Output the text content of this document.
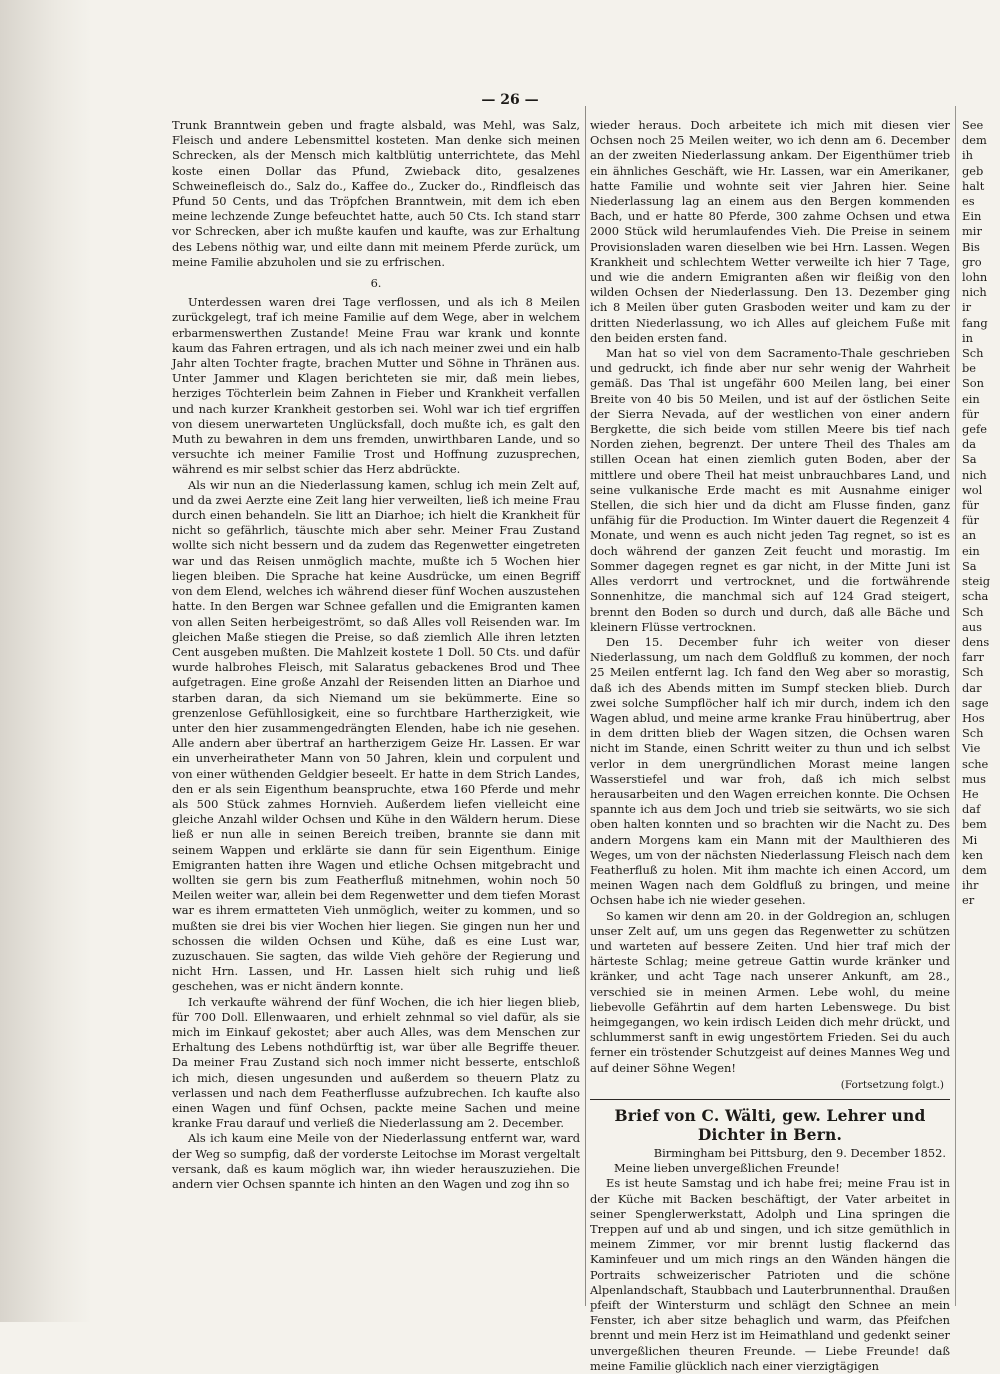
— 26 —

Trunk Branntwein geben und fragte alsbald, was Mehl, was Salz, Fleisch und andere Lebensmittel kosteten. Man denke sich meinen Schrecken, als der Mensch mich kaltblütig unterrichtete, das Mehl koste einen Dollar das Pfund, Zwieback dito, gesalzenes Schweinefleisch do., Salz do., Kaffee do., Zucker do., Rindfleisch das Pfund 50 Cents, und das Tröpfchen Branntwein, mit dem ich eben meine lechzende Zunge befeuchtet hatte, auch 50 Cts. Ich stand starr vor Schrecken, aber ich mußte kaufen und kaufte, was zur Erhaltung des Lebens nöthig war, und eilte dann mit meinem Pferde zurück, um meine Familie abzuholen und sie zu erfrischen.

6.

Unterdessen waren drei Tage verflossen, und als ich 8 Meilen zurückgelegt, traf ich meine Familie auf dem Wege, aber in welchem erbarmenswerthen Zustande! Meine Frau war krank und konnte kaum das Fahren ertragen, und als ich nach meiner zwei und ein halb Jahr alten Tochter fragte, brachen Mutter und Söhne in Thränen aus. Unter Jammer und Klagen berichteten sie mir, daß mein liebes, herziges Töchterlein beim Zahnen in Fieber und Krankheit verfallen und nach kurzer Krankheit gestorben sei. Wohl war ich tief ergriffen von diesem unerwarteten Unglücksfall, doch mußte ich, es galt den Muth zu bewahren in dem uns fremden, unwirthbaren Lande, und so versuchte ich meiner Familie Trost und Hoffnung zuzusprechen, während es mir selbst schier das Herz abdrückte.

Als wir nun an die Niederlassung kamen, schlug ich mein Zelt auf, und da zwei Aerzte eine Zeit lang hier verweilten, ließ ich meine Frau durch einen behandeln. Sie litt an Diarhoe; ich hielt die Krankheit für nicht so gefährlich, täuschte mich aber sehr. Meiner Frau Zustand wollte sich nicht bessern und da zudem das Regenwetter eingetreten war und das Reisen unmöglich machte, mußte ich 5 Wochen hier liegen bleiben. Die Sprache hat keine Ausdrücke, um einen Begriff von dem Elend, welches ich während dieser fünf Wochen auszustehen hatte. In den Bergen war Schnee gefallen und die Emigranten kamen von allen Seiten herbeigeströmt, so daß Alles voll Reisenden war. Im gleichen Maße stiegen die Preise, so daß ziemlich Alle ihren letzten Cent ausgeben mußten. Die Mahlzeit kostete 1 Doll. 50 Cts. und dafür wurde halbrohes Fleisch, mit Salaratus gebackenes Brod und Thee aufgetragen. Eine große Anzahl der Reisenden litten an Diarhoe und starben daran, da sich Niemand um sie bekümmerte. Eine so grenzenlose Gefühllosigkeit, eine so furchtbare Hartherzigkeit, wie unter den hier zusammengedrängten Elenden, habe ich nie gesehen. Alle andern aber übertraf an hartherzigem Geize Hr. Lassen. Er war ein unverheiratheter Mann von 50 Jahren, klein und corpulent und von einer wüthenden Geldgier beseelt. Er hatte in dem Strich Landes, den er als sein Eigenthum beanspruchte, etwa 160 Pferde und mehr als 500 Stück zahmes Hornvieh. Außerdem liefen vielleicht eine gleiche Anzahl wilder Ochsen und Kühe in den Wäldern herum. Diese ließ er nun alle in seinen Bereich treiben, brannte sie dann mit seinem Wappen und erklärte sie dann für sein Eigenthum. Einige Emigranten hatten ihre Wagen und etliche Ochsen mitgebracht und wollten sie gern bis zum Featherfluß mitnehmen, wohin noch 50 Meilen weiter war, allein bei dem Regenwetter und dem tiefen Morast war es ihrem ermatteten Vieh unmöglich, weiter zu kommen, und so mußten sie drei bis vier Wochen hier liegen. Sie gingen nun her und schossen die wilden Ochsen und Kühe, daß es eine Lust war, zuzuschauen. Sie sagten, das wilde Vieh gehöre der Regierung und nicht Hrn. Lassen, und Hr. Lassen hielt sich ruhig und ließ geschehen, was er nicht ändern konnte.

Ich verkaufte während der fünf Wochen, die ich hier liegen blieb, für 700 Doll. Ellenwaaren, und erhielt zehnmal so viel dafür, als sie mich im Einkauf gekostet; aber auch Alles, was dem Menschen zur Erhaltung des Lebens nothdürftig ist, war über alle Begriffe theuer. Da meiner Frau Zustand sich noch immer nicht besserte, entschloß ich mich, diesen ungesunden und außerdem so theuern Platz zu verlassen und nach dem Featherflusse aufzubrechen. Ich kaufte also einen Wagen und fünf Ochsen, packte meine Sachen und meine kranke Frau darauf und verließ die Niederlassung am 2. December.

Als ich kaum eine Meile von der Niederlassung entfernt war, ward der Weg so sumpfig, daß der vorderste Leitochse im Morast vergeltalt versank, daß es kaum möglich war, ihn wieder herauszuziehen. Die andern vier Ochsen spannte ich hinten an den Wagen und zog ihn so

wieder heraus. Doch arbeitete ich mich mit diesen vier Ochsen noch 25 Meilen weiter, wo ich denn am 6. December an der zweiten Niederlassung ankam. Der Eigenthümer trieb ein ähnliches Geschäft, wie Hr. Lassen, war ein Amerikaner, hatte Familie und wohnte seit vier Jahren hier. Seine Niederlassung lag an einem aus den Bergen kommenden Bach, und er hatte 80 Pferde, 300 zahme Ochsen und etwa 2000 Stück wild herumlaufendes Vieh. Die Preise in seinem Provisionsladen waren dieselben wie bei Hrn. Lassen. Wegen Krankheit und schlechtem Wetter verweilte ich hier 7 Tage, und wie die andern Emigranten aßen wir fleißig von den wilden Ochsen der Niederlassung. Den 13. Dezember ging ich 8 Meilen über guten Grasboden weiter und kam zu der dritten Niederlassung, wo ich Alles auf gleichem Fuße mit den beiden ersten fand.

Man hat so viel von dem Sacramento-Thale geschrieben und gedruckt, ich finde aber nur sehr wenig der Wahrheit gemäß. Das Thal ist ungefähr 600 Meilen lang, bei einer Breite von 40 bis 50 Meilen, und ist auf der östlichen Seite der Sierra Nevada, auf der westlichen von einer andern Bergkette, die sich beide vom stillen Meere bis tief nach Norden ziehen, begrenzt. Der untere Theil des Thales am stillen Ocean hat einen ziemlich guten Boden, aber der mittlere und obere Theil hat meist unbrauchbares Land, und seine vulkanische Erde macht es mit Ausnahme einiger Stellen, die sich hier und da dicht am Flusse finden, ganz unfähig für die Production. Im Winter dauert die Regenzeit 4 Monate, und wenn es auch nicht jeden Tag regnet, so ist es doch während der ganzen Zeit feucht und morastig. Im Sommer dagegen regnet es gar nicht, in der Mitte Juni ist Alles verdorrt und vertrocknet, und die fortwährende Sonnenhitze, die manchmal sich auf 124 Grad steigert, brennt den Boden so durch und durch, daß alle Bäche und kleinern Flüsse vertrocknen.

Den 15. December fuhr ich weiter von dieser Niederlassung, um nach dem Goldfluß zu kommen, der noch 25 Meilen entfernt lag. Ich fand den Weg aber so morastig, daß ich des Abends mitten im Sumpf stecken blieb. Durch zwei solche Sumpflöcher half ich mir durch, indem ich den Wagen ablud, und meine arme kranke Frau hinübertrug, aber in dem dritten blieb der Wagen sitzen, die Ochsen waren nicht im Stande, einen Schritt weiter zu thun und ich selbst verlor in dem unergründlichen Morast meine langen Wasserstiefel und war froh, daß ich mich selbst herausarbeiten und den Wagen erreichen konnte. Die Ochsen spannte ich aus dem Joch und trieb sie seitwärts, wo sie sich oben halten konnten und so brachten wir die Nacht zu. Des andern Morgens kam ein Mann mit der Maulthieren des Weges, um von der nächsten Niederlassung Fleisch nach dem Featherfluß zu holen. Mit ihm machte ich einen Accord, um meinen Wagen nach dem Goldfluß zu bringen, und meine Ochsen habe ich nie wieder gesehen.

So kamen wir denn am 20. in der Goldregion an, schlugen unser Zelt auf, um uns gegen das Regenwetter zu schützen und warteten auf bessere Zeiten. Und hier traf mich der härteste Schlag; meine getreue Gattin wurde kränker und kränker, und acht Tage nach unserer Ankunft, am 28., verschied sie in meinen Armen. Lebe wohl, du meine liebevolle Gefährtin auf dem harten Lebenswege. Du bist heimgegangen, wo kein irdisch Leiden dich mehr drückt, und schlummerst sanft in ewig ungestörtem Frieden. Sei du auch ferner ein tröstender Schutzgeist auf deines Mannes Weg und auf deiner Söhne Wegen!

(Fortsetzung folgt.)

Brief von C. Wälti, gew. Lehrer und Dichter in Bern.

Birmingham bei Pittsburg, den 9. December 1852.

Meine lieben unvergeßlichen Freunde!

Es ist heute Samstag und ich habe frei; meine Frau ist in der Küche mit Backen beschäftigt, der Vater arbeitet in seiner Spenglerwerkstatt, Adolph und Lina springen die Treppen auf und ab und singen, und ich sitze gemüthlich in meinem Zimmer, vor mir brennt lustig flackernd das Kaminfeuer und um mich rings an den Wänden hängen die Portraits schweizerischer Patrioten und die schöne Alpenlandschaft, Staubbach und Lauterbrunnenthal. Draußen pfeift der Wintersturm und schlägt den Schnee an mein Fenster, ich aber sitze behaglich und warm, das Pfeifchen brennt und mein Herz ist im Heimathland und gedenkt seiner unvergeßlichen theuren Freunde. — Liebe Freunde! daß meine Familie glücklich nach einer vierzigtägigen

See
dem
ih
geb
halt
es
Ein
mir
Bis
gro
lohn
nich
ir
fang
in
Sch
be
Son
ein
für
gefe
da
Sa
nich
wol
für
für
an
ein
Sa
steig
scha
Sch
aus
dens
farr
Sch
dar
sage
Hos
Sch
Vie
sche
mus
He
daf
bem
Mi
ken
dem
ihr
er
